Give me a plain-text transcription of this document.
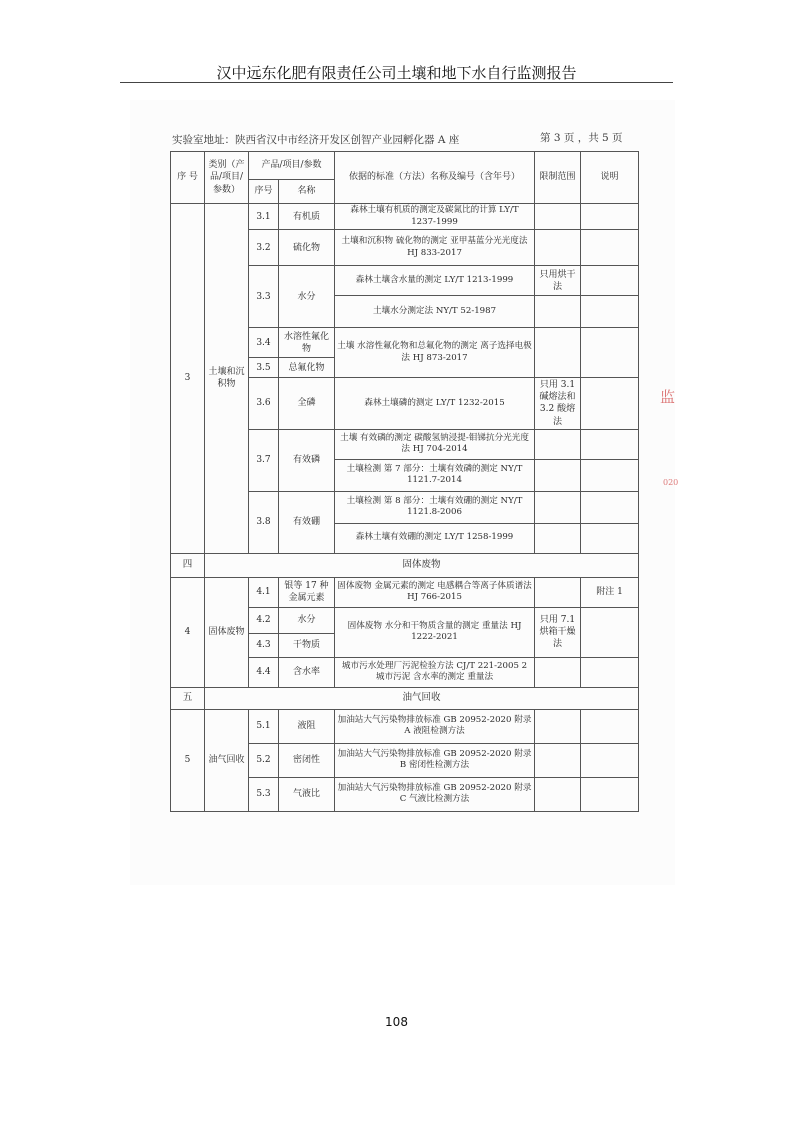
汉中远东化肥有限责任公司土壤和地下水自行监测报告
实验室地址：陕西省汉中市经济开发区创智产业园孵化器 A 座	第 3 页 ，共 5 页
序 号	类别（产品/项目/参数）	产品/项目/参数		依据的标准（方法）名称及编号（含年号）	限制范围	说明
		序号	名称			
3	土壤和沉积物	3.1	有机质	森林土壤有机质的测定及碳氮比的计算 LY/T 1237-1999		
		3.2	硫化物	土壤和沉积物 硫化物的测定 亚甲基蓝分光光度法 HJ 833-2017		
		3.3	水分	森林土壤含水量的测定 LY/T 1213-1999	只用烘干法	
				土壤水分测定法 NY/T 52-1987		
		3.4	水溶性氟化物	土壤 水溶性氟化物和总氟化物的测定 离子选择电极法 HJ 873-2017		
		3.5	总氟化物			
		3.6	全磷	森林土壤磷的测定 LY/T 1232-2015	只用 3.1 碱熔法和 3.2 酸熔法	
		3.7	有效磷	土壤 有效磷的测定 碳酸氢钠浸提-钼锑抗分光光度法 HJ 704-2014		
				土壤检测 第 7 部分：土壤有效磷的测定 NY/T 1121.7-2014		
		3.8	有效硼	土壤检测 第 8 部分：土壤有效硼的测定 NY/T 1121.8-2006		
				森林土壤有效硼的测定 LY/T 1258-1999		
四	固体废物					
4	固体废物	4.1	银等 17 种金属元素	固体废物 金属元素的测定 电感耦合等离子体质谱法 HJ 766-2015		附注 1
		4.2	水分	固体废物 水分和干物质含量的测定 重量法 HJ 1222-2021	只用 7.1 烘箱干燥法	
		4.3	干物质			
		4.4	含水率	城市污水处理厂污泥检验方法 CJ/T 221-2005 2 城市污泥 含水率的测定 重量法		
五	油气回收					
5	油气回收	5.1	液阻	加油站大气污染物排放标准 GB 20952-2020 附录 A 液阻检测方法		
		5.2	密闭性	加油站大气污染物排放标准 GB 20952-2020 附录 B 密闭性检测方法		
		5.3	气液比	加油站大气污染物排放标准 GB 20952-2020 附录 C 气液比检测方法		
监
020
108
